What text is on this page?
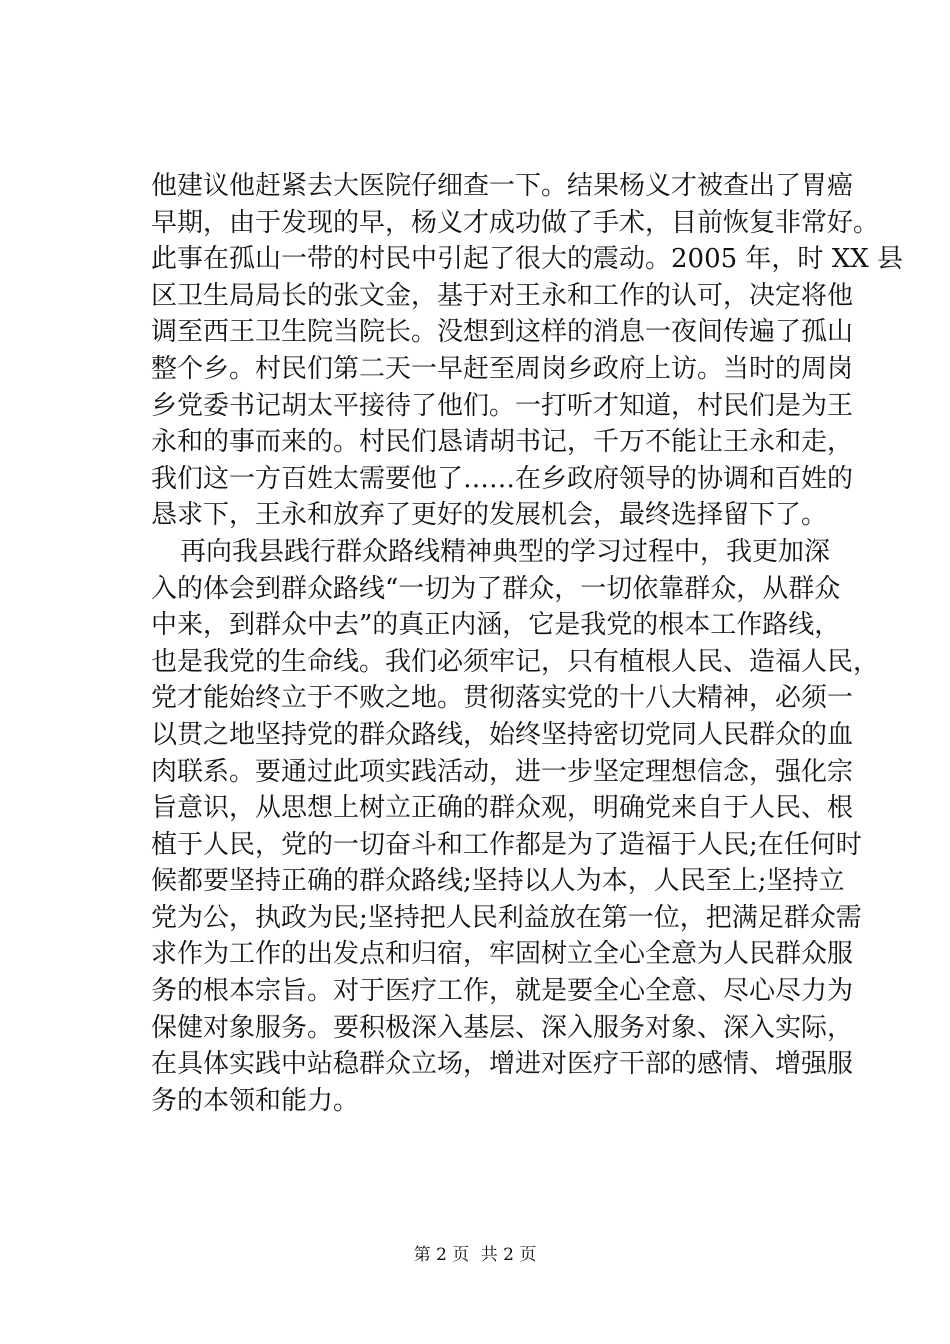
他建议他赶紧去大医院仔细查一下。结果杨义才被查出了胃癌
早期，由于发现的早，杨义才成功做了手术，目前恢复非常好。
此事在孤山一带的村民中引起了很大的震动。2005 年，时 XX 县
区卫生局局长的张文金，基于对王永和工作的认可，决定将他
调至西王卫生院当院长。没想到这样的消息一夜间传遍了孤山
整个乡。村民们第二天一早赶至周岗乡政府上访。当时的周岗
乡党委书记胡太平接待了他们。一打听才知道，村民们是为王
永和的事而来的。村民们恳请胡书记，千万不能让王永和走，
我们这一方百姓太需要他了……在乡政府领导的协调和百姓的
恳求下，王永和放弃了更好的发展机会，最终选择留下了。
再向我县践行群众路线精神典型的学习过程中，我更加深
入的体会到群众路线“一切为了群众，一切依靠群众，从群众
中来，到群众中去”的真正内涵，它是我党的根本工作路线，
也是我党的生命线。我们必须牢记，只有植根人民、造福人民，
党才能始终立于不败之地。贯彻落实党的十八大精神，必须一
以贯之地坚持党的群众路线，始终坚持密切党同人民群众的血
肉联系。要通过此项实践活动，进一步坚定理想信念，强化宗
旨意识，从思想上树立正确的群众观，明确党来自于人民、根
植于人民，党的一切奋斗和工作都是为了造福于人民;在任何时
候都要坚持正确的群众路线;坚持以人为本，人民至上;坚持立
党为公，执政为民;坚持把人民利益放在第一位，把满足群众需
求作为工作的出发点和归宿，牢固树立全心全意为人民群众服
务的根本宗旨。对于医疗工作，就是要全心全意、尽心尽力为
保健对象服务。要积极深入基层、深入服务对象、深入实际，
在具体实践中站稳群众立场，增进对医疗干部的感情、增强服
务的本领和能力。
第 2 页 共 2 页
